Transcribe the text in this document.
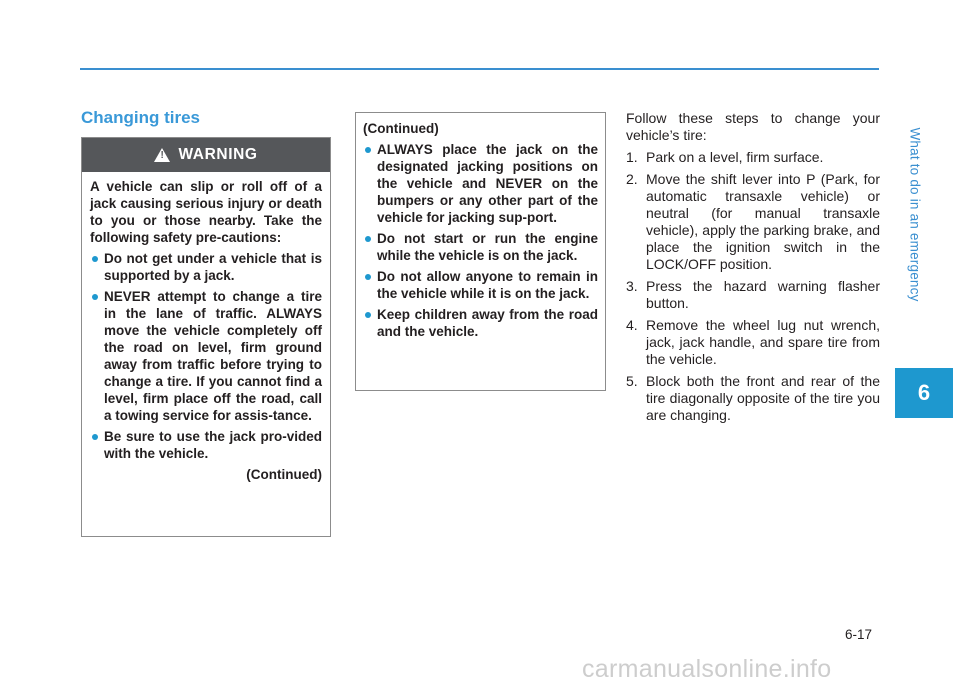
What to do in an emergency
6
Changing tires
!
WARNING

A vehicle can slip or roll off of a jack causing serious injury or death to you or those nearby. Take the following safety pre-cautions:

Do not get under a vehicle that is supported by a jack.
NEVER attempt to change a tire in the lane of traffic. ALWAYS move the vehicle completely off the road on level, firm ground away from traffic before trying to change a tire. If you cannot find a level, firm place off the road, call a towing service for assis-tance.
Be sure to use the jack pro-vided with the vehicle.

(Continued)

(Continued)

ALWAYS place the jack on the designated jacking positions on the vehicle and NEVER on the bumpers or any other part of the vehicle for jacking sup-port.
Do not start or run the engine while the vehicle is on the jack.
Do not allow anyone to remain in the vehicle while it is on the jack.
Keep children away from the road and the vehicle.

Follow these steps to change your vehicle’s tire:

1. Park on a level, firm surface.
2. Move the shift lever into P (Park, for automatic transaxle vehicle) or neutral (for manual transaxle vehicle), apply the parking brake, and place the ignition switch in the LOCK/OFF position.
3. Press the hazard warning flasher button.
4. Remove the wheel lug nut wrench, jack, jack handle, and spare tire from the vehicle.
5. Block both the front and rear of the tire diagonally opposite of the tire you are changing.
6-17
carmanualsonline.info
